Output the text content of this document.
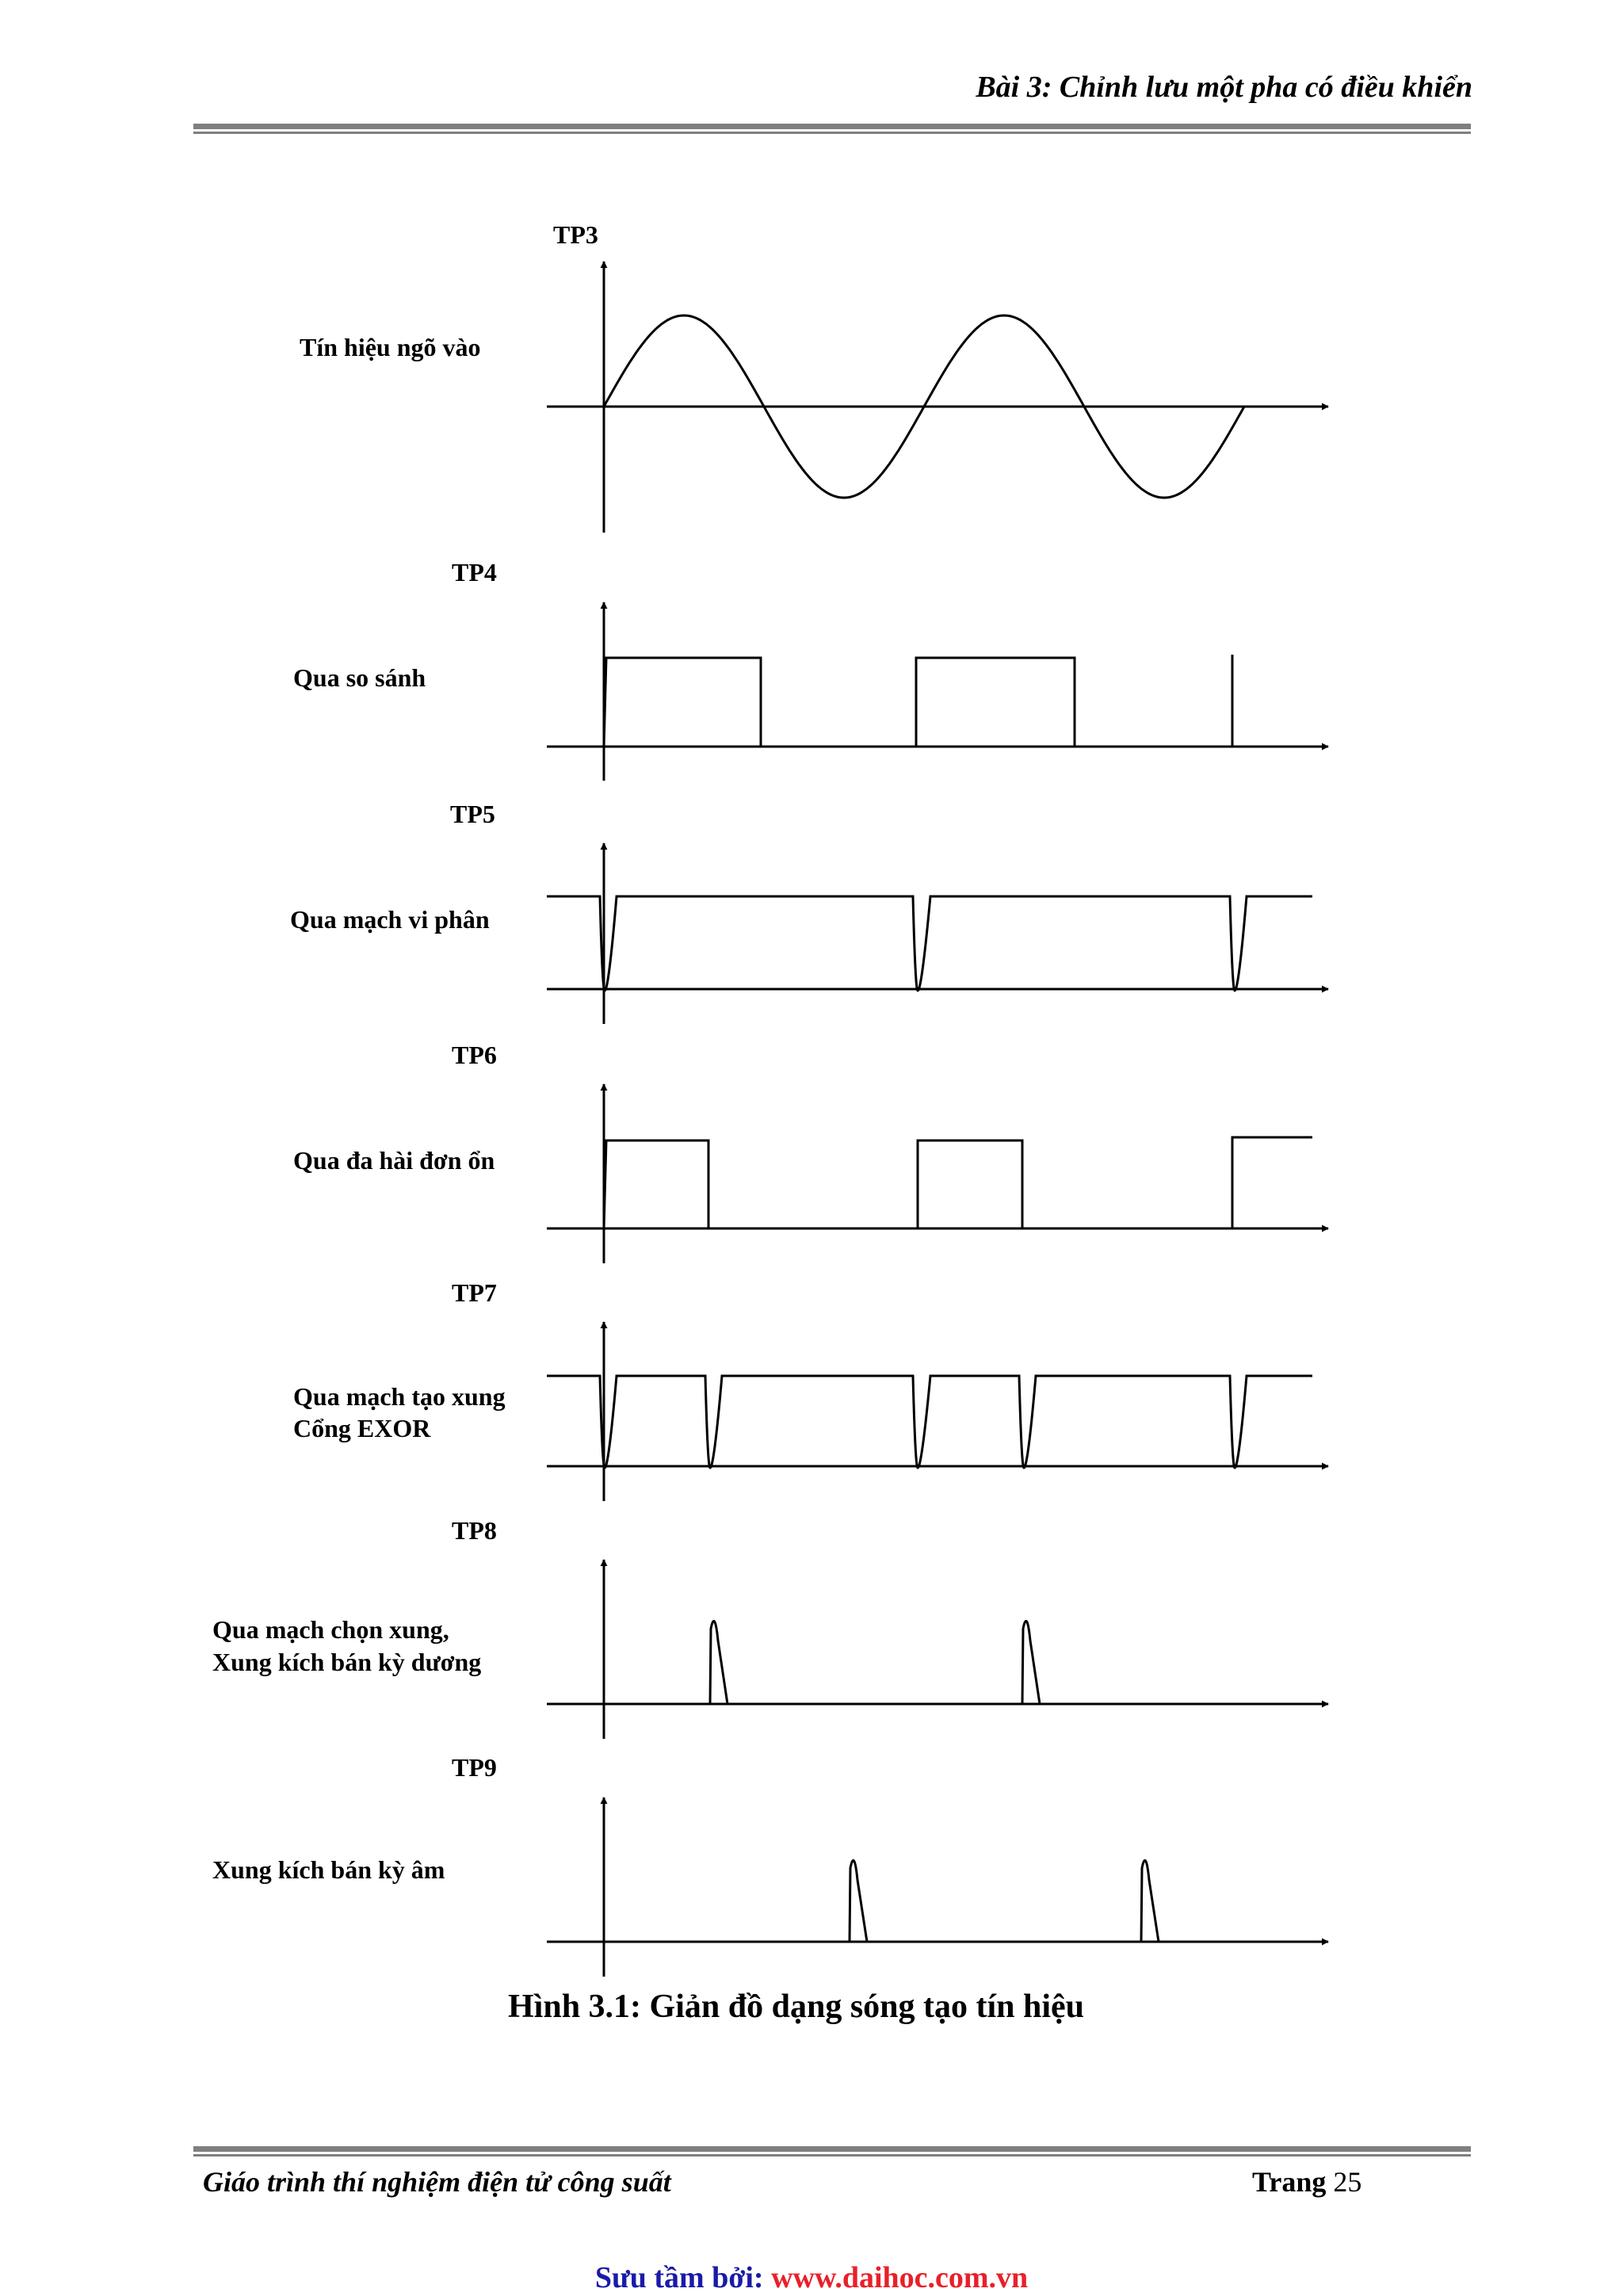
Bài 3: Chỉnh lưu một pha có điều khiển
TP3
Tín hiệu ngõ vào
TP4
Qua so sánh
TP5
Qua mạch vi phân
TP6
Qua đa hài đơn ổn
TP7
Qua mạch tạo xung
Cổng EXOR
TP8
Qua mạch chọn xung,
Xung kích bán kỳ dương
TP9
Xung kích bán kỳ âm
Hình 3.1: Giản đồ dạng sóng tạo tín hiệu
Giáo trình thí nghiệm điện tử công suất	Trang 25
Sưu tầm bởi: www.daihoc.com.vn
